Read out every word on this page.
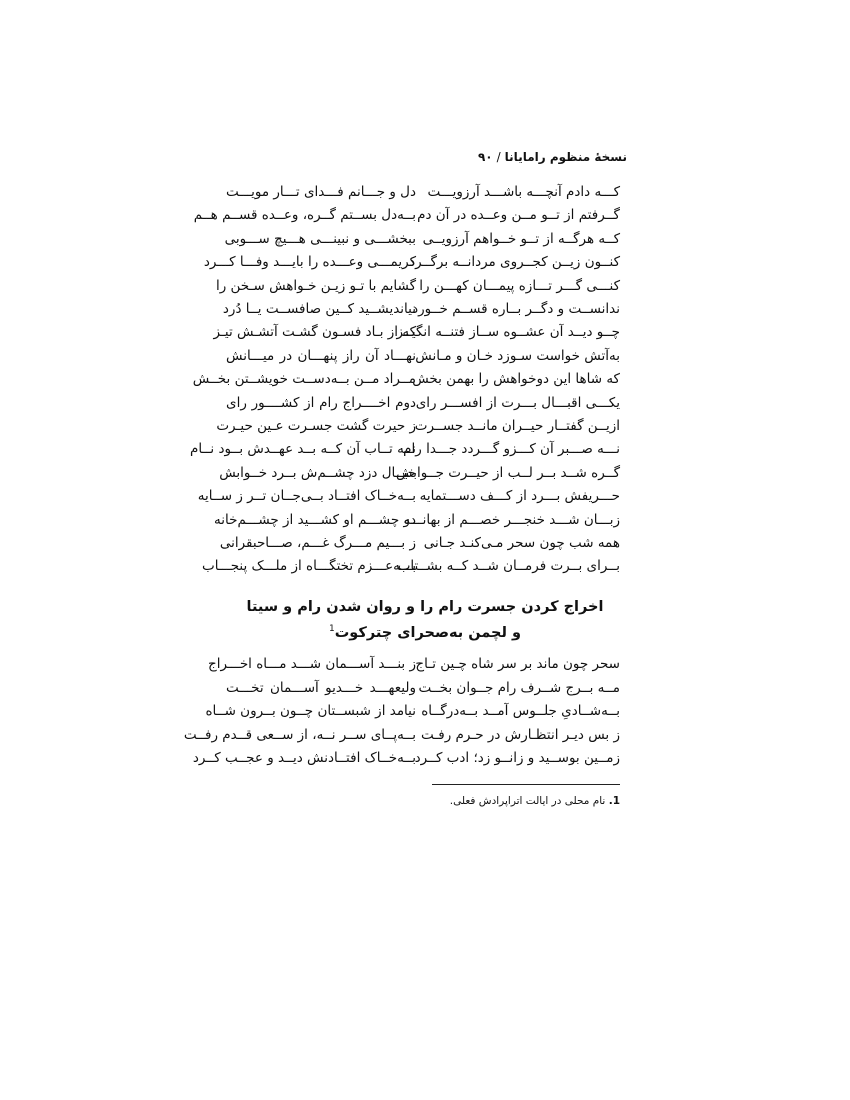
نسخهٔ منظوم رامایانا/۹۰
کـــه دادم آنچـــه باشـــد آرزویـــت
دل و جـــانم فـــدای تـــار مویـــت
گــرفتم از تــو مــن وعــده در آن دم
بــه‌دل بســتم گــره، وعــده قســم هــم
کــه هرگــه از تــو خــواهم آرزویــی
ببخشـــی و نبینـــی هـــیچ ســـوبی
کنــون زیــن کجــروی مردانــه برگــرد
کریمـــی وعـــده را بایـــد وفـــا کـــرد
کنـــی گـــر تـــازه پیمـــان کهـــن را
گشایم با تـو زیـن خـواهش سـخن را
ندانســت و دگــر بــاره قســم خــورد
نیاندیشــید کــین صافســت یــا دُرد
چــو دیــد آن عشــوه ســاز فتنــه انگیــز
که از بـاد فسـون گشـت آتشـش تیـز
به‌آتش خواست سـوزد خـان و مـانش
نهـــاد آن راز پنهـــان در میـــانش
که شاها این دوخواهش را بهمن بخش
مــراد مــن بــه‌دســت خویشــتن بخــش
یکـــی اقبـــال بـــرت از افســـر رای
دوم اخــــراج رام از کشــــور رای
ازیــن گفتــار حیــران مانــد جســرت
ز حیرت گشت جسـرت عـین حیـرت
نـــه صـــبر آن کـــزو گـــردد جـــدا رام
نــه تــاب آن کــه بــد عهــدش بــود نــام
گــره شــد بــر لــب از حیــرت جــوابش
خیــال دزد چشــم‌ش بــرد خــوابش
حـــریفش بـــرد از کـــف دســـتمایه
بــه‌خــاک افتــاد بــی‌جــان تــر ز ســایه
زبـــان شـــد خنجـــر خصـــم از بهانـــه
دو چشـــم او کشـــید از چشـــم‌خانه
همه شب چون سحر مـی‌کنـد جـانی
ز بـــیم مـــرگ غـــم، صـــاحبقرانی
بــرای بــرت فرمــان شــد کــه بشــتاب
بـــه‌عـــزم تختگـــاه از ملـــک پنجـــاب
اخراج کردن جسرت رام را و روان شدن رام و سیتا
و لچمن به‌صحرای چترکوت$^1$
سحر چون ماند بر سر شاه چـین تـاج
ز بنـــد آســـمان شـــد مـــاه اخـــراج
مــه بــرج شــرف رام جــوان بخــت
ولیعهـــد خـــدیو آســـمان تخـــت
بــه‌شــادیِ جلــوس آمــد بــه‌درگــاه
نیامد از شبســتان چــون بــرون شــاه
ز بس دیـر انتظـارش در حـرم رفـت
بــه‌پــای ســر نــه، از ســعی قــدم رفــت
زمــین بوســید و زانــو زد؛ ادب کــرد
بــه‌خــاک افتــادنش دیــد و عجــب کــرد
1. نام محلی در ایالت اتراپرادش فعلی.
